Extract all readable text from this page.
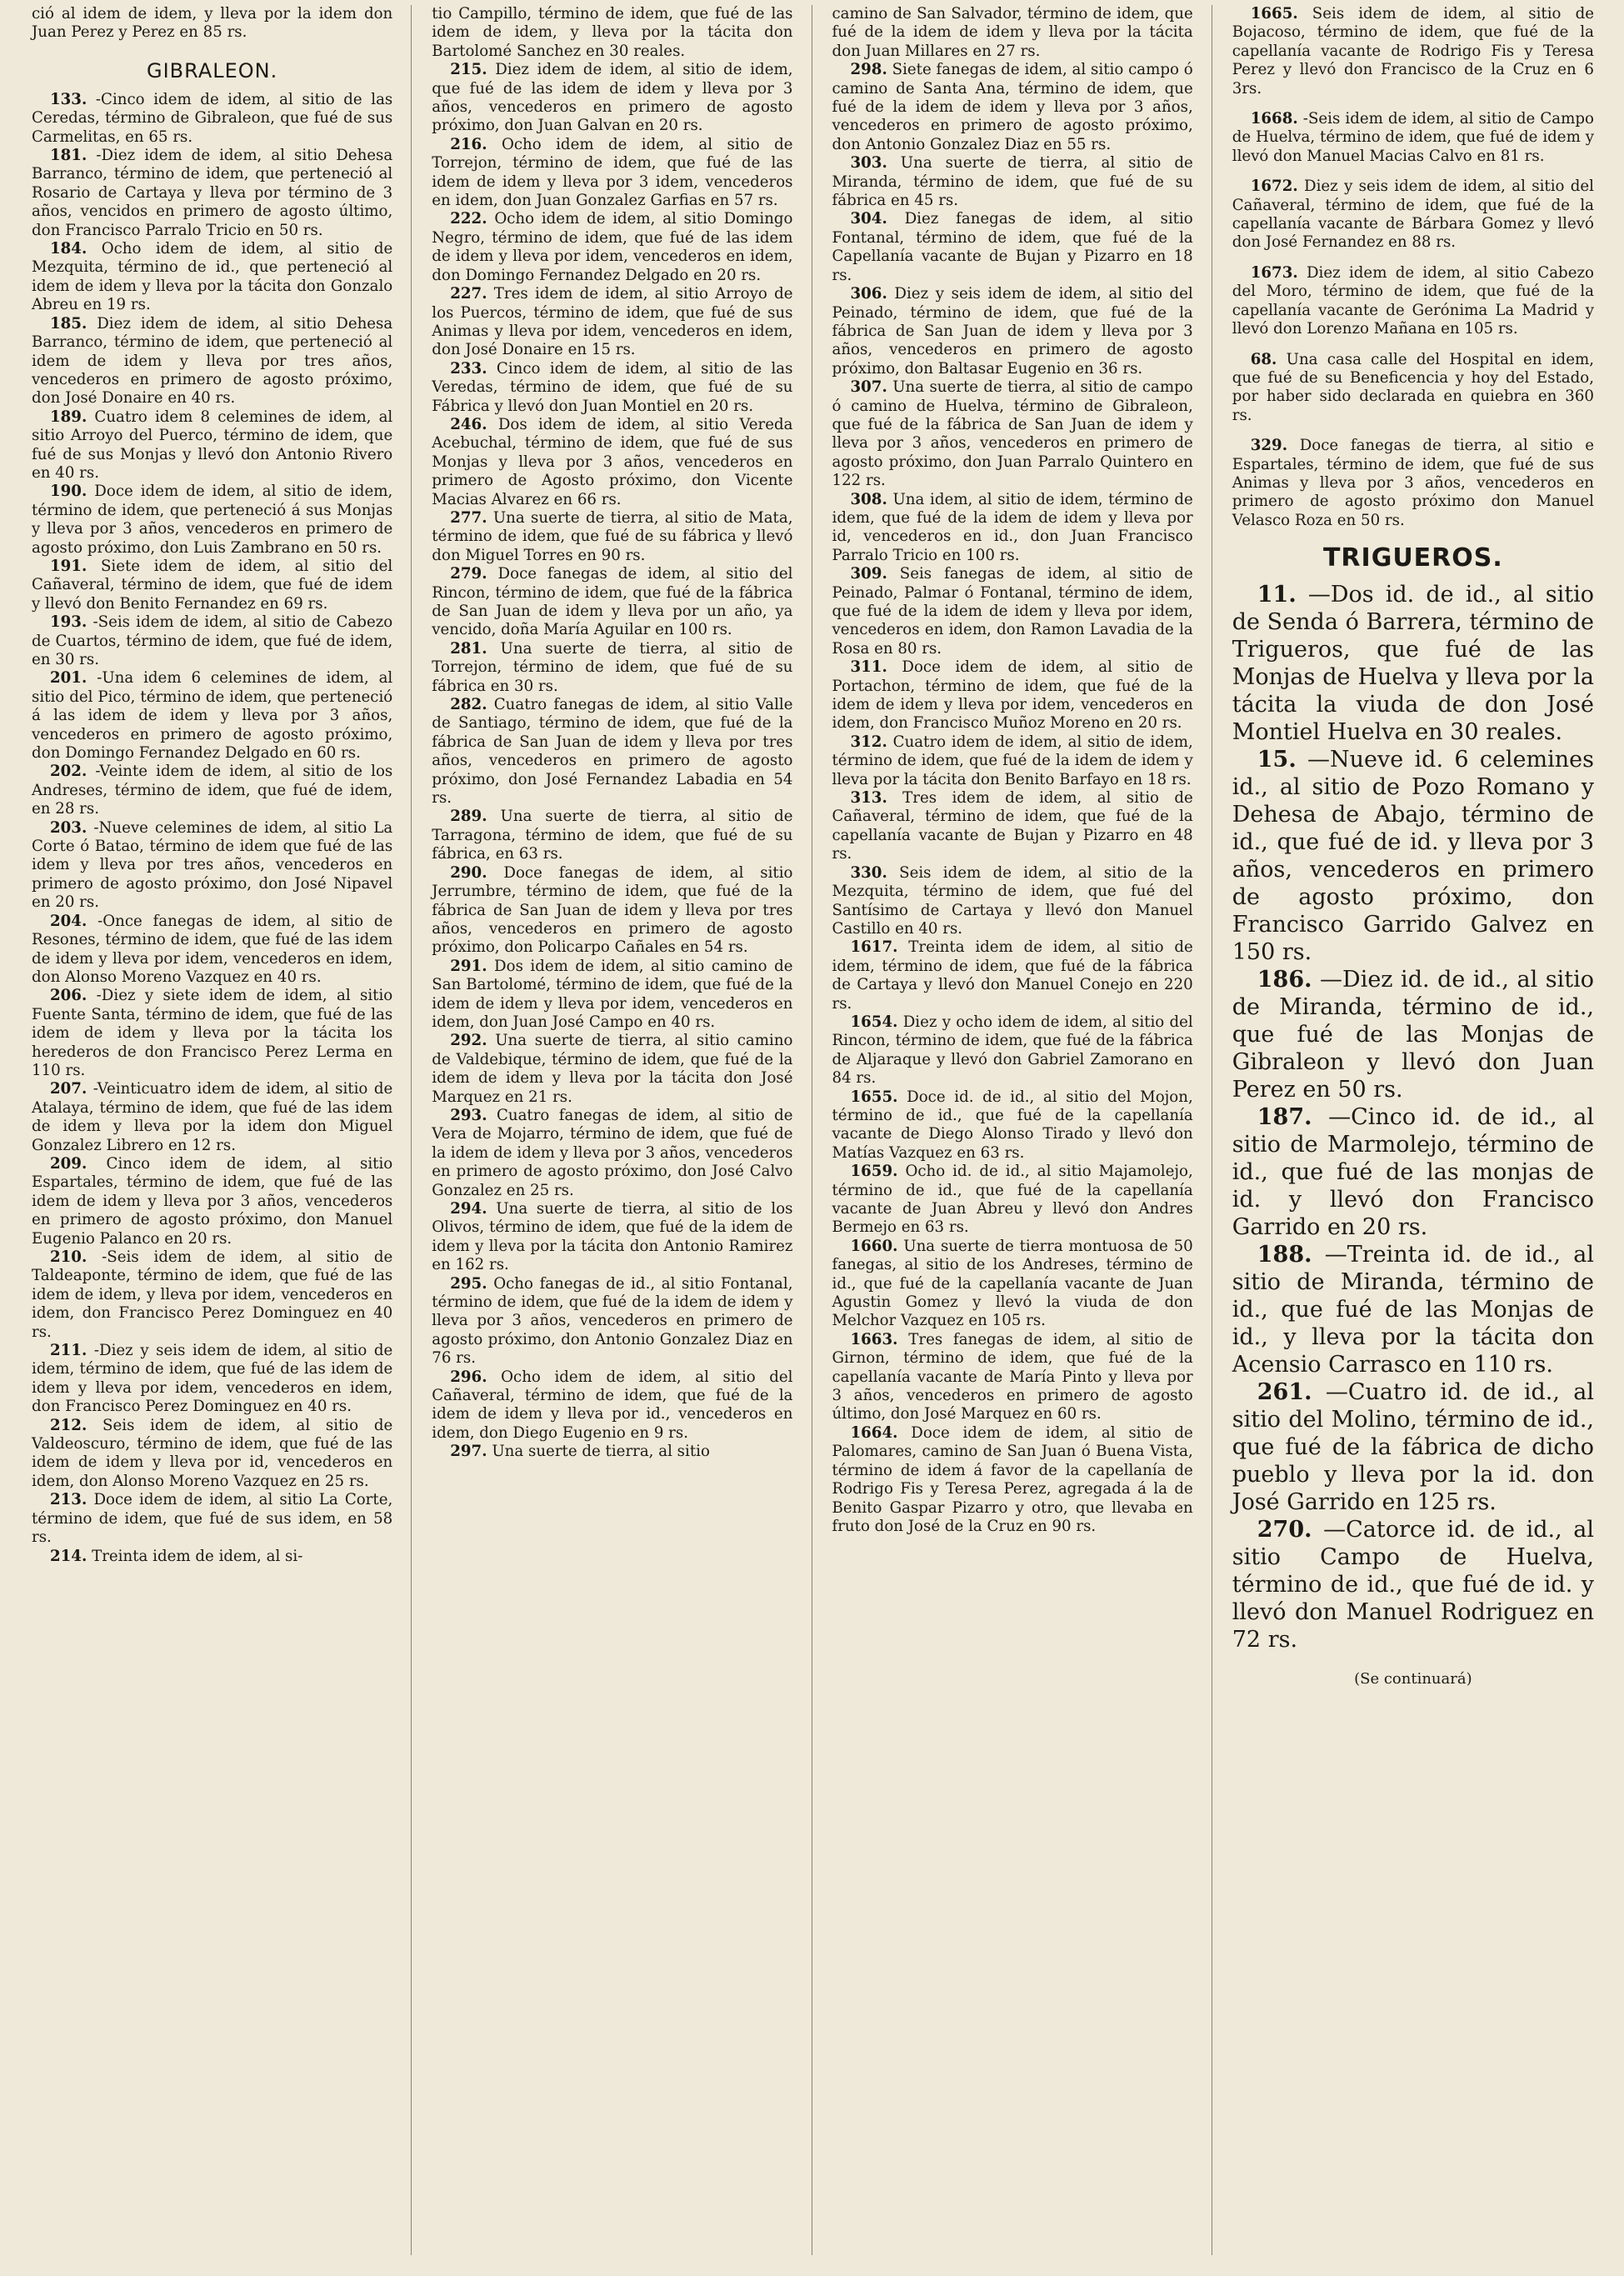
ció al idem de idem, y lleva por la idem don Juan Perez y Perez en 85 rs.

GIBRALEON.

133. -Cinco idem de idem, al sitio de las Ceredas, término de Gibraleon, que fué de sus Carmelitas, en 65 rs.

181. -Diez idem de idem, al sitio Dehesa Barranco, término de idem, que perteneció al Rosario de Cartaya y lleva por término de 3 años, vencidos en primero de agosto último, don Francisco Parralo Tricio en 50 rs.

184. Ocho idem de idem, al sitio de Mezquita, término de id., que perteneció al idem de idem y lleva por la tácita don Gonzalo Abreu en 19 rs.

185. Diez idem de idem, al sitio Dehesa Barranco, término de idem, que perteneció al idem de idem y lleva por tres años, vencederos en primero de agosto próximo, don José Donaire en 40 rs.

189. Cuatro idem 8 celemines de idem, al sitio Arroyo del Puerco, término de idem, que fué de sus Monjas y llevó don Antonio Rivero en 40 rs.

190. Doce idem de idem, al sitio de idem, término de idem, que perteneció á sus Monjas y lleva por 3 años, vencederos en primero de agosto próximo, don Luis Zambrano en 50 rs.

191. Siete idem de idem, al sitio del Cañaveral, término de idem, que fué de idem y llevó don Benito Fernandez en 69 rs.

193. -Seis idem de idem, al sitio de Cabezo de Cuartos, término de idem, que fué de idem, en 30 rs.

201. -Una idem 6 celemines de idem, al sitio del Pico, término de idem, que perteneció á las idem de idem y lleva por 3 años, vencederos en primero de agosto próximo, don Domingo Fernandez Delgado en 60 rs.

202. -Veinte idem de idem, al sitio de los Andreses, término de idem, que fué de idem, en 28 rs.

203. -Nueve celemines de idem, al sitio La Corte ó Batao, término de idem que fué de las idem y lleva por tres años, vencederos en primero de agosto próximo, don José Nipavel en 20 rs.

204. -Once fanegas de idem, al sitio de Resones, término de idem, que fué de las idem de idem y lleva por idem, vencederos en idem, don Alonso Moreno Vazquez en 40 rs.

206. -Diez y siete idem de idem, al sitio Fuente Santa, término de idem, que fué de las idem de idem y lleva por la tácita los herederos de don Francisco Perez Lerma en 110 rs.

207. -Veinticuatro idem de idem, al sitio de Atalaya, término de idem, que fué de las idem de idem y lleva por la idem don Miguel Gonzalez Librero en 12 rs.

209. Cinco idem de idem, al sitio Espartales, término de idem, que fué de las idem de idem y lleva por 3 años, vencederos en primero de agosto próximo, don Manuel Eugenio Palanco en 20 rs.

210. -Seis idem de idem, al sitio de Taldeaponte, término de idem, que fué de las idem de idem, y lleva por idem, vencederos en idem, don Francisco Perez Dominguez en 40 rs.

211. -Diez y seis idem de idem, al sitio de idem, término de idem, que fué de las idem de idem y lleva por idem, vencederos en idem, don Francisco Perez Dominguez en 40 rs.

212. Seis idem de idem, al sitio de Valdeoscuro, término de idem, que fué de las idem de idem y lleva por id, vencederos en idem, don Alonso Moreno Vazquez en 25 rs.

213. Doce idem de idem, al sitio La Corte, término de idem, que fué de sus idem, en 58 rs.

214. Treinta idem de idem, al si-

tio Campillo, término de idem, que fué de las idem de idem, y lleva por la tácita don Bartolomé Sanchez en 30 reales.

215. Diez idem de idem, al sitio de idem, que fué de las idem de idem y lleva por 3 años, vencederos en primero de agosto próximo, don Juan Galvan en 20 rs.

216. Ocho idem de idem, al sitio de Torrejon, término de idem, que fué de las idem de idem y lleva por 3 idem, vencederos en idem, don Juan Gonzalez Garfias en 57 rs.

222. Ocho idem de idem, al sitio Domingo Negro, término de idem, que fué de las idem de idem y lleva por idem, vencederos en idem, don Domingo Fernandez Delgado en 20 rs.

227. Tres idem de idem, al sitio Arroyo de los Puercos, término de idem, que fué de sus Animas y lleva por idem, vencederos en idem, don José Donaire en 15 rs.

233. Cinco idem de idem, al sitio de las Veredas, término de idem, que fué de su Fábrica y llevó don Juan Montiel en 20 rs.

246. Dos idem de idem, al sitio Vereda Acebuchal, término de idem, que fué de sus Monjas y lleva por 3 años, vencederos en primero de Agosto próximo, don Vicente Macias Alvarez en 66 rs.

277. Una suerte de tierra, al sitio de Mata, término de idem, que fué de su fábrica y llevó don Miguel Torres en 90 rs.

279. Doce fanegas de idem, al sitio del Rincon, término de idem, que fué de la fábrica de San Juan de idem y lleva por un año, ya vencido, doña María Aguilar en 100 rs.

281. Una suerte de tierra, al sitio de Torrejon, término de idem, que fué de su fábrica en 30 rs.

282. Cuatro fanegas de idem, al sitio Valle de Santiago, término de idem, que fué de la fábrica de San Juan de idem y lleva por tres años, vencederos en primero de agosto próximo, don José Fernandez Labadia en 54 rs.

289. Una suerte de tierra, al sitio de Tarragona, término de idem, que fué de su fábrica, en 63 rs.

290. Doce fanegas de idem, al sitio Jerrumbre, término de idem, que fué de la fábrica de San Juan de idem y lleva por tres años, vencederos en primero de agosto próximo, don Policarpo Cañales en 54 rs.

291. Dos idem de idem, al sitio camino de San Bartolomé, término de idem, que fué de la idem de idem y lleva por idem, vencederos en idem, don Juan José Campo en 40 rs.

292. Una suerte de tierra, al sitio camino de Valdebique, término de idem, que fué de la idem de idem y lleva por la tácita don José Marquez en 21 rs.

293. Cuatro fanegas de idem, al sitio de Vera de Mojarro, término de idem, que fué de la idem de idem y lleva por 3 años, vencederos en primero de agosto próximo, don José Calvo Gonzalez en 25 rs.

294. Una suerte de tierra, al sitio de los Olivos, término de idem, que fué de la idem de idem y lleva por la tácita don Antonio Ramirez en 162 rs.

295. Ocho fanegas de id., al sitio Fontanal, término de idem, que fué de la idem de idem y lleva por 3 años, vencederos en primero de agosto próximo, don Antonio Gonzalez Diaz en 76 rs.

296. Ocho idem de idem, al sitio del Cañaveral, término de idem, que fué de la idem de idem y lleva por id., vencederos en idem, don Diego Eugenio en 9 rs.

297. Una suerte de tierra, al sitio

camino de San Salvador, término de idem, que fué de la idem de idem y lleva por la tácita don Juan Millares en 27 rs.

298. Siete fanegas de idem, al sitio campo ó camino de Santa Ana, término de idem, que fué de la idem de idem y lleva por 3 años, vencederos en primero de agosto próximo, don Antonio Gonzalez Diaz en 55 rs.

303. Una suerte de tierra, al sitio de Miranda, término de idem, que fué de su fábrica en 45 rs.

304. Diez fanegas de idem, al sitio Fontanal, término de idem, que fué de la Capellanía vacante de Bujan y Pizarro en 18 rs.

306. Diez y seis idem de idem, al sitio del Peinado, término de idem, que fué de la fábrica de San Juan de idem y lleva por 3 años, vencederos en primero de agosto próximo, don Baltasar Eugenio en 36 rs.

307. Una suerte de tierra, al sitio de campo ó camino de Huelva, término de Gibraleon, que fué de la fábrica de San Juan de idem y lleva por 3 años, vencederos en primero de agosto próximo, don Juan Parralo Quintero en 122 rs.

308. Una idem, al sitio de idem, término de idem, que fué de la idem de idem y lleva por id, vencederos en id., don Juan Francisco Parralo Tricio en 100 rs.

309. Seis fanegas de idem, al sitio de Peinado, Palmar ó Fontanal, término de idem, que fué de la idem de idem y lleva por idem, vencederos en idem, don Ramon Lavadia de la Rosa en 80 rs.

311. Doce idem de idem, al sitio de Portachon, término de idem, que fué de la idem de idem y lleva por idem, vencederos en idem, don Francisco Muñoz Moreno en 20 rs.

312. Cuatro idem de idem, al sitio de idem, término de idem, que fué de la idem de idem y lleva por la tácita don Benito Barfayo en 18 rs.

313. Tres idem de idem, al sitio de Cañaveral, término de idem, que fué de la capellanía vacante de Bujan y Pizarro en 48 rs.

330. Seis idem de idem, al sitio de la Mezquita, término de idem, que fué del Santísimo de Cartaya y llevó don Manuel Castillo en 40 rs.

1617. Treinta idem de idem, al sitio de idem, término de idem, que fué de la fábrica de Cartaya y llevó don Manuel Conejo en 220 rs.

1654. Diez y ocho idem de idem, al sitio del Rincon, término de idem, que fué de la fábrica de Aljaraque y llevó don Gabriel Zamorano en 84 rs.

1655. Doce id. de id., al sitio del Mojon, término de id., que fué de la capellanía vacante de Diego Alonso Tirado y llevó don Matías Vazquez en 63 rs.

1659. Ocho id. de id., al sitio Majamolejo, término de id., que fué de la capellanía vacante de Juan Abreu y llevó don Andres Bermejo en 63 rs.

1660. Una suerte de tierra montuosa de 50 fanegas, al sitio de los Andreses, término de id., que fué de la capellanía vacante de Juan Agustin Gomez y llevó la viuda de don Melchor Vazquez en 105 rs.

1663. Tres fanegas de idem, al sitio de Girnon, término de idem, que fué de la capellanía vacante de María Pinto y lleva por 3 años, vencederos en primero de agosto último, don José Marquez en 60 rs.

1664. Doce idem de idem, al sitio de Palomares, camino de San Juan ó Buena Vista, término de idem á favor de la capellanía de Rodrigo Fis y Teresa Perez, agregada á la de Benito Gaspar Pizarro y otro, que llevaba en fruto don José de la Cruz en 90 rs.

1665. Seis idem de idem, al sitio de Bojacoso, término de idem, que fué de la capellanía vacante de Rodrigo Fis y Teresa Perez y llevó don Francisco de la Cruz en 6 3rs.

1668. -Seis idem de idem, al sitio de Campo de Huelva, término de idem, que fué de idem y llevó don Manuel Macias Calvo en 81 rs.

1672. Diez y seis idem de idem, al sitio del Cañaveral, término de idem, que fué de la capellanía vacante de Bárbara Gomez y llevó don José Fernandez en 88 rs.

1673. Diez idem de idem, al sitio Cabezo del Moro, término de idem, que fué de la capellanía vacante de Gerónima La Madrid y llevó don Lorenzo Mañana en 105 rs.

68. Una casa calle del Hospital en idem, que fué de su Beneficencia y hoy del Estado, por haber sido declarada en quiebra en 360 rs.

329. Doce fanegas de tierra, al sitio e Espartales, término de idem, que fué de sus Animas y lleva por 3 años, vencederos en primero de agosto próximo don Manuel Velasco Roza en 50 rs.

TRIGUEROS.

11. —Dos id. de id., al sitio de Senda ó Barrera, término de Trigueros, que fué de las Monjas de Huelva y lleva por la tácita la viuda de don José Montiel Huelva en 30 reales.

15. —Nueve id. 6 celemines id., al sitio de Pozo Romano y Dehesa de Abajo, término de id., que fué de id. y lleva por 3 años, vencederos en primero de agosto próximo, don Francisco Garrido Galvez en 150 rs.

186. —Diez id. de id., al sitio de Miranda, término de id., que fué de las Monjas de Gibraleon y llevó don Juan Perez en 50 rs.

187. —Cinco id. de id., al sitio de Marmolejo, término de id., que fué de las monjas de id. y llevó don Francisco Garrido en 20 rs.

188. —Treinta id. de id., al sitio de Miranda, término de id., que fué de las Monjas de id., y lleva por la tácita don Acensio Carrasco en 110 rs.

261. —Cuatro id. de id., al sitio del Molino, término de id., que fué de la fábrica de dicho pueblo y lleva por la id. don José Garrido en 125 rs.

270. —Catorce id. de id., al sitio Campo de Huelva, término de id., que fué de id. y llevó don Manuel Rodriguez en 72 rs.

(Se continuará)
